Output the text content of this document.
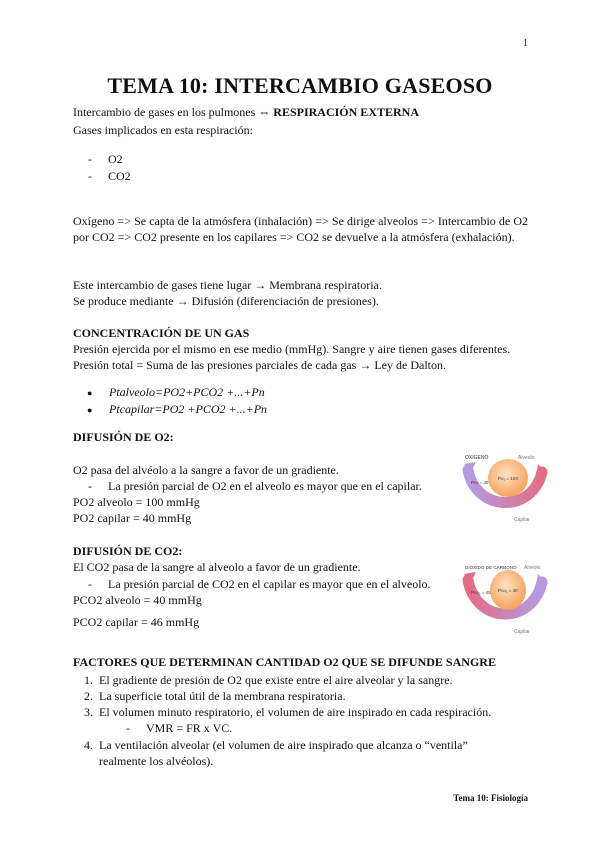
1
TEMA 10: INTERCAMBIO GASEOSO
Intercambio de gases en los pulmones ⇔ RESPIRACIÓN EXTERNA
Gases implicados en esta respiración:
- O2
- CO2
Oxígeno => Se capta de la atmósfera (inhalación) => Se dirige alveolos => Intercambio de O2 por CO2 => CO2 presente en los capilares => CO2 se devuelve a la atmósfera (exhalación).
Este intercambio de gases tiene lugar → Membrana respiratoria.
Se produce mediante → Difusión (diferenciación de presiones).
CONCENTRACIÓN DE UN GAS
Presión ejercida por el mismo en ese medio (mmHg). Sangre y aire tienen gases diferentes.
Presión total = Suma de las presiones parciales de cada gas → Ley de Dalton.
● Ptalveolo=PO2+PCO2 +...+Pn
● Ptcapilar=PO2 +PCO2 +...+Pn
DIFUSIÓN DE O2:
O2 pasa del alvéolo a la sangre a favor de un gradiente.
- La presión parcial de O2 en el alveolo es mayor que en el capilar.
PO2 alveolo = 100 mmHg
PO2 capilar = 40 mmHg
OXÍGENO	Alveolo
Po₂ = 104
Po₂ = 40
Capilar
DIFUSIÓN DE CO2:
El CO2 pasa de la sangre al alveolo a favor de un gradiente.
- La presión parcial de CO2 en el capilar es mayor que en el alveolo.
PCO2 alveolo = 40 mmHg
PCO2 capilar = 46 mmHg
DIÓXIDO DE CARBONO Alveolo
Pco₂ = 40
Pco₂ = 45
Capilar
FACTORES QUE DETERMINAN CANTIDAD O2 QUE SE DIFUNDE SANGRE
1. El gradiente de presión de O2 que existe entre el aire alveolar y la sangre.
2. La superficie total útil de la membrana respiratoria.
3. El volumen minuto respiratorio, el volumen de aire inspirado en cada respiración.
- VMR = FR x VC.
4. La ventilación alveolar (el volumen de aire inspirado que alcanza o “ventila”
realmente los alvéolos).
Tema 10: Fisiología
